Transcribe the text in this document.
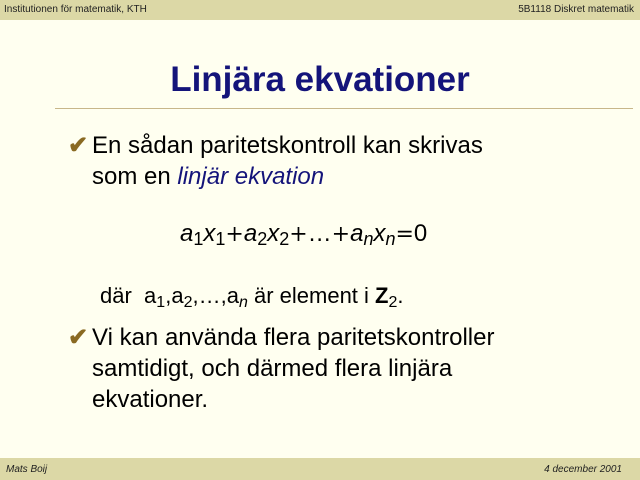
Institutionen för matematik, KTH	5B1118 Diskret matematik
Linjära ekvationer
✔ En sådan paritetskontroll kan skrivas
som en linjär ekvation
$a_1x_1+a_2x_2+\dots+a_nx_n=0$
där $a_1,a_2,\dots,a_n$ är element i $Z_2$.
✔ Vi kan använda flera paritetskontroller
samtidigt, och därmed flera linjära
ekvationer.
Mats Boij	4 december 2001
